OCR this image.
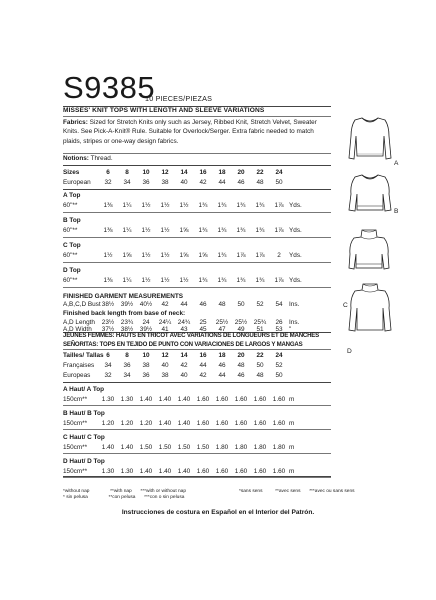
S9385
10 PIECES/PIEZAS
MISSES' KNIT TOPS WITH LENGTH AND SLEEVE VARIATIONS
Fabrics: Sized for Stretch Knits only such as Jersey, Ribbed Knit, Stretch Velvet, Sweater Knits. See Pick-A-Knit® Rule. Suitable for Overlock/Serger. Extra fabric needed to match plaids, stripes or one-way design fabrics.
Notions: Thread.
Sizes	6	8	10	12	14	16	18	20	22	24
European	32	34	36	38	40	42	44	46	48	50
A Top
60"**	1⅜	1¼	1½	1½	1½	1¾	1¾	1¾	1¾	1⅞ Yds.
B Top
60"**	1⅜	1¼	1½	1½	1⅝	1¾	1¾	1¾	1¾	1⅞ Yds.
C Top
60"**	1½	1⅝	1½	1½	1⅝	1⅝	1¾	1⅞	1⅞	2	Yds.
D Top
60"**	1⅜	1¼	1½	1½	1½	1¾	1¾	1¾	1¾	1⅞ Yds.
FINISHED GARMENT MEASUREMENTS
A,B,C,D Bust 38½ 39½ 40½	42	44	46	48	50	52	54	Ins.
Finished back length from base of neck:
A,D Length 23½ 23¾	24	24¼ 24¾	25	25½ 25½ 25¾	26	Ins.
A,D Width 37½ 38½ 39½	41	43	45	47	49	51	53	"
JEUNES FEMMES: HAUTS EN TRICOT AVEC VARIATIONS DE LONGUEURS ET DE MANCHES
SEÑORITAS: TOPS EN TEJIDO DE PUNTO CON VARIACIONES DE LARGOS Y MANGAS
Tailles/ Tallas 6	8	10	12	14	16	18	20	22	24
Françaises	34	36	38	40	42	44	46	48	50	52
Europeas	32	34	36	38	40	42	44	46	48	50
A Haut/ A Top
150cm** 1.30 1.30 1.40 1.40 1.40 1.60 1.60 1.60 1.60 1.60 m
B Haut/ B Top
150cm** 1.20 1.20 1.20 1.40 1.40 1.60 1.60 1.60 1.60 1.60 m
C Haut/ C Top
150cm** 1.40 1.40 1.50 1.50 1.50 1.50 1.80 1.80 1.80 1.80 m
D Haut/ D Top
150cm** 1.30 1.30 1.40 1.40 1.40 1.60 1.60 1.60 1.60 1.60 m
*without nap	**with nap ***with or without nap
* sin pelusa	**con pelusa ***con o sin pelusa
*sans sens	**avec sens ***avec ou sans sens
Instrucciones de costura en Español en el Interior del Patrón.
A
B
C
D
